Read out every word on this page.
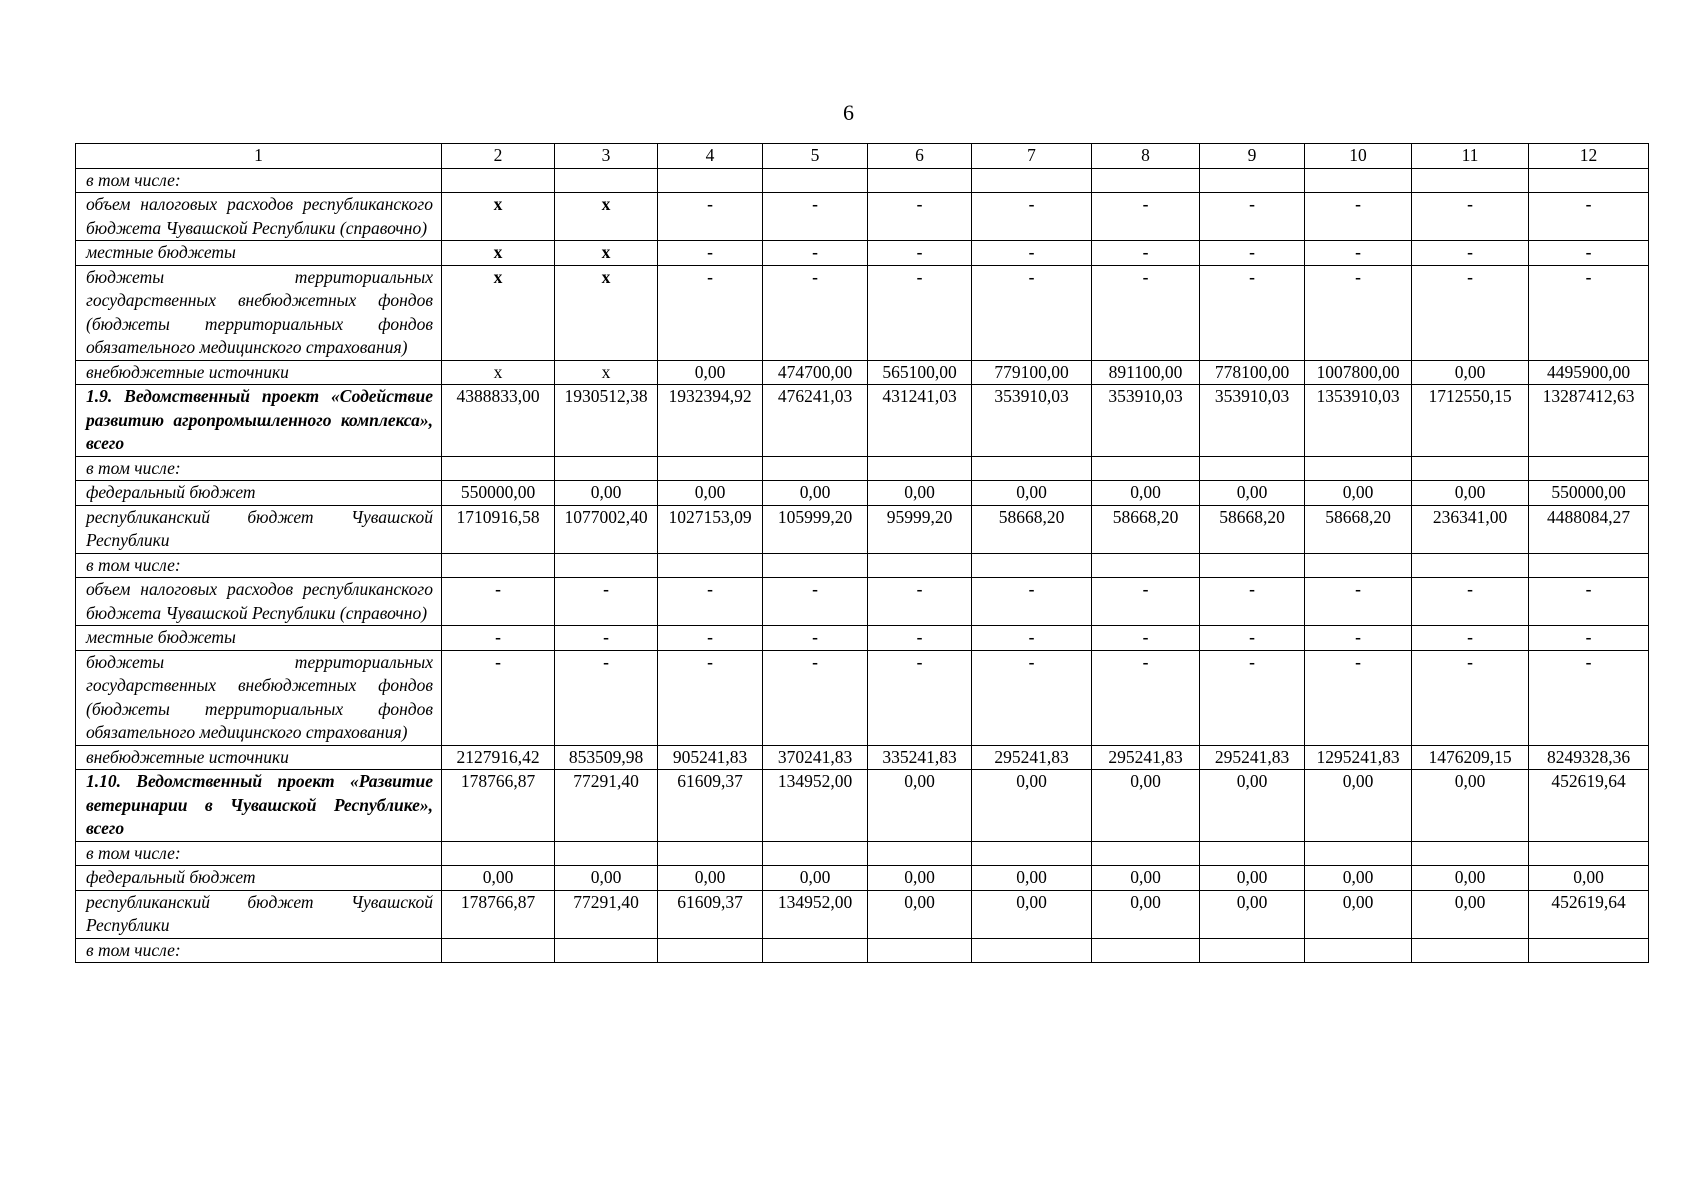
6
1	2	3	4	5	6	7	8	9	10	11	12
в том числе:											
объем налоговых расходов республиканского бюджета Чувашской Республики (справочно)	х	х	-	-	-	-	-	-	-	-	-
местные бюджеты	х	х	-	-	-	-	-	-	-	-	-
бюджеты территориальных государственных внебюджетных фондов (бюджеты территориальных фондов обязательного медицинского страхования)	х	х	-	-	-	-	-	-	-	-	-
внебюджетные источники	х	х	0,00	474700,00	565100,00	779100,00	891100,00	778100,00	1007800,00	0,00	4495900,00
1.9. Ведомственный проект «Содействие развитию агропромышленного комплекса», всего	4388833,00	1930512,38	1932394,92	476241,03	431241,03	353910,03	353910,03	353910,03	1353910,03	1712550,15	13287412,63
в том числе:											
федеральный бюджет	550000,00	0,00	0,00	0,00	0,00	0,00	0,00	0,00	0,00	0,00	550000,00
республиканский бюджет Чувашской Республики	1710916,58	1077002,40	1027153,09	105999,20	95999,20	58668,20	58668,20	58668,20	58668,20	236341,00	4488084,27
в том числе:											
объем налоговых расходов республиканского бюджета Чувашской Республики (справочно)	-	-	-	-	-	-	-	-	-	-	-
местные бюджеты	-	-	-	-	-	-	-	-	-	-	-
бюджеты территориальных государственных внебюджетных фондов (бюджеты территориальных фондов обязательного медицинского страхования)	-	-	-	-	-	-	-	-	-	-	-
внебюджетные источники	2127916,42	853509,98	905241,83	370241,83	335241,83	295241,83	295241,83	295241,83	1295241,83	1476209,15	8249328,36
1.10. Ведомственный проект «Развитие ветеринарии в Чувашской Республике», всего	178766,87	77291,40	61609,37	134952,00	0,00	0,00	0,00	0,00	0,00	0,00	452619,64
в том числе:											
федеральный бюджет	0,00	0,00	0,00	0,00	0,00	0,00	0,00	0,00	0,00	0,00	0,00
республиканский бюджет Чувашской Республики	178766,87	77291,40	61609,37	134952,00	0,00	0,00	0,00	0,00	0,00	0,00	452619,64
в том числе:											
